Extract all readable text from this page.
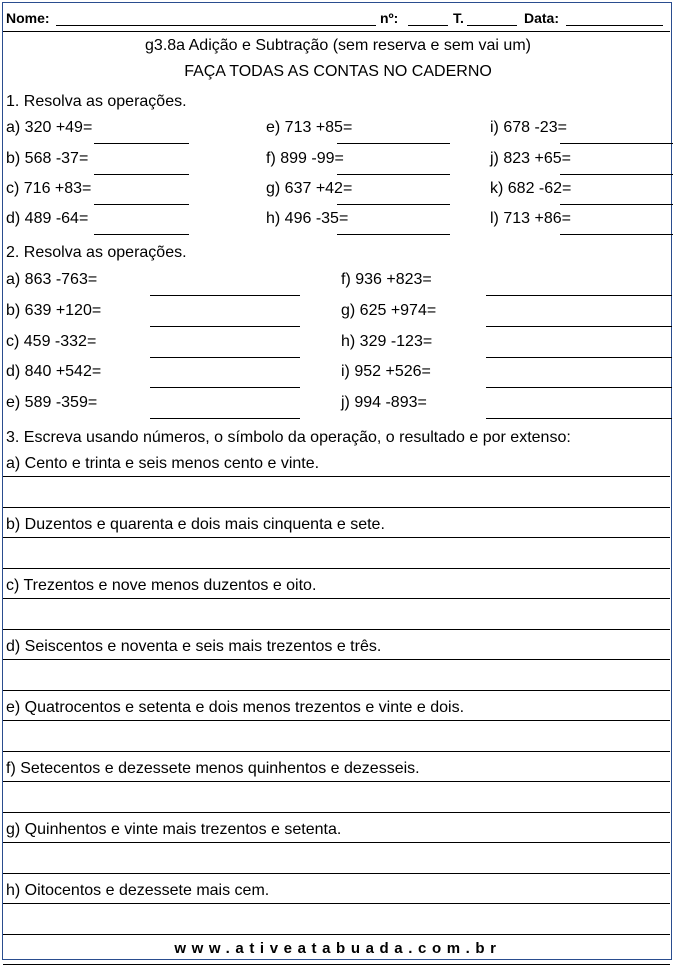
Nome:	nº:	T.	Data:
g3.8a Adição e Subtração (sem reserva e sem vai um)
FAÇA TODAS AS CONTAS NO CADERNO
1. Resolva as operações.
a) 320 +49=
b) 568 -37=
c) 716 +83=
d) 489 -64=
e) 713 +85=
f) 899 -99=
g) 637 +42=
h) 496 -35=
i) 678 -23=
j) 823 +65=
k) 682 -62=
l) 713 +86=
2. Resolva as operações.
a) 863 -763=
b) 639 +120=
c) 459 -332=
d) 840 +542=
e) 589 -359=
f) 936 +823=
g) 625 +974=
h) 329 -123=
i) 952 +526=
j) 994 -893=
3. Escreva usando números, o símbolo da operação, o resultado e por extenso:
a) Cento e trinta e seis menos cento e vinte.
b) Duzentos e quarenta e dois mais cinquenta e sete.
c) Trezentos e nove menos duzentos e oito.
d) Seiscentos e noventa e seis mais trezentos e três.
e) Quatrocentos e setenta e dois menos trezentos e vinte e dois.
f) Setecentos e dezessete menos quinhentos e dezesseis.
g) Quinhentos e vinte mais trezentos e setenta.
h) Oitocentos e dezessete mais cem.
www.ativeatabuada.com.br
